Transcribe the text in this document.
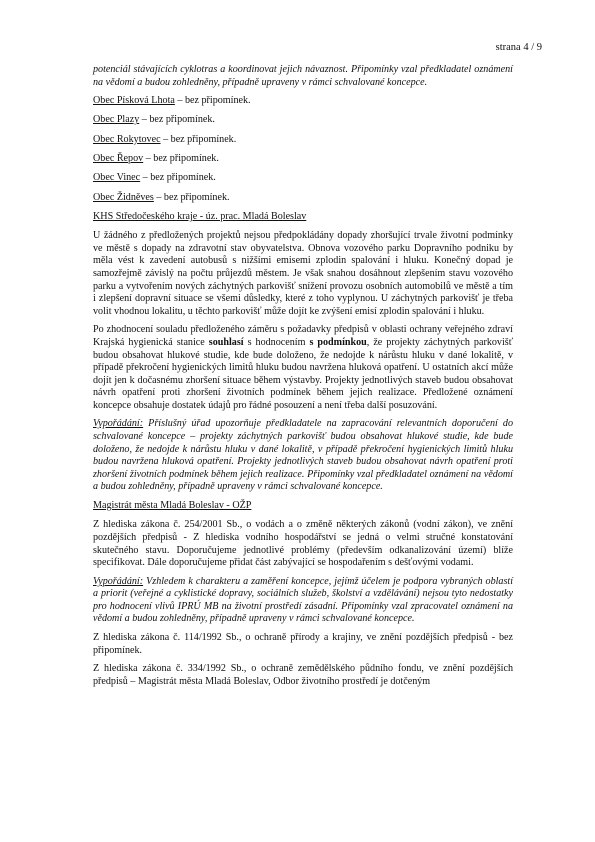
strana 4 / 9

potenciál stávajících cyklotras a koordinovat jejich návaznost. Připomínky vzal předkladatel oznámení na vědomí a budou zohledněny, případně upraveny v rámci schvalované koncepce.

Obec Písková Lhota – bez připomínek.

Obec Plazy – bez připomínek.

Obec Rokytovec – bez připomínek.

Obec Řepov – bez připomínek.

Obec Vinec – bez připomínek.

Obec Židněves – bez připomínek.

KHS Středočeského kraje - úz. prac. Mladá Boleslav

U žádného z předložených projektů nejsou předpokládány dopady zhoršující trvale životní podmínky ve městě s dopady na zdravotní stav obyvatelstva. Obnova vozového parku Dopravního podniku by měla vést k zavedení autobusů s nižšími emisemi zplodin spalování i hluku. Konečný dopad je samozřejmě závislý na počtu průjezdů městem. Je však snahou dosáhnout zlepšením stavu vozového parku a vytvořením nových záchytných parkovišť snížení provozu osobních automobilů ve městě a tím i zlepšení dopravní situace se všemi důsledky, které z toho vyplynou. U záchytných parkovišť je třeba volit vhodnou lokalitu, u těchto parkovišť může dojít ke zvýšení emisí zplodin spalování i hluku.

Po zhodnocení souladu předloženého záměru s požadavky předpisů v oblasti ochrany veřejného zdraví Krajská hygienická stanice souhlasí s hodnocením s podmínkou, že projekty záchytných parkovišť budou obsahovat hlukové studie, kde bude doloženo, že nedojde k nárůstu hluku v dané lokalitě, v případě překročení hygienických limitů hluku budou navržena hluková opatření. U ostatních akcí může dojít jen k dočasnému zhoršení situace během výstavby. Projekty jednotlivých staveb budou obsahovat návrh opatření proti zhoršení životních podmínek během jejich realizace. Předložené oznámení koncepce obsahuje dostatek údajů pro řádné posouzení a není třeba další posuzování.

Vypořádání: Příslušný úřad upozorňuje předkladatele na zapracování relevantních doporučení do schvalované koncepce – projekty záchytných parkovišť budou obsahovat hlukové studie, kde bude doloženo, že nedojde k nárůstu hluku v dané lokalitě, v případě překročení hygienických limitů hluku budou navržena hluková opatření. Projekty jednotlivých staveb budou obsahovat návrh opatření proti zhoršení životních podmínek během jejich realizace. Připomínky vzal předkladatel oznámení na vědomí a budou zohledněny, případně upraveny v rámci schvalované koncepce.

Magistrát města Mladá Boleslav - OŽP

Z hlediska zákona č. 254/2001 Sb., o vodách a o změně některých zákonů (vodní zákon), ve znění pozdějších předpisů - Z hlediska vodního hospodářství se jedná o velmi stručné konstatování skutečného stavu. Doporučujeme jednotlivé problémy (především odkanalizování území) blíže specifikovat. Dále doporučujeme přidat část zabývající se hospodařením s dešťovými vodami.

Vypořádání: Vzhledem k charakteru a zaměření koncepce, jejímž účelem je podpora vybraných oblastí a priorit (veřejné a cyklistické dopravy, sociálních služeb, školství a vzdělávání) nejsou tyto nedostatky pro hodnocení vlivů IPRÚ MB na životní prostředí zásadní. Připomínky vzal zpracovatel oznámení na vědomí a budou zohledněny, případně upraveny v rámci schvalované koncepce.

Z hlediska zákona č. 114/1992 Sb., o ochraně přírody a krajiny, ve znění pozdějších předpisů - bez připomínek.

Z hlediska zákona č. 334/1992 Sb., o ochraně zemědělského půdního fondu, ve znění pozdějších předpisů – Magistrát města Mladá Boleslav, Odbor životního prostředí je dotčeným
